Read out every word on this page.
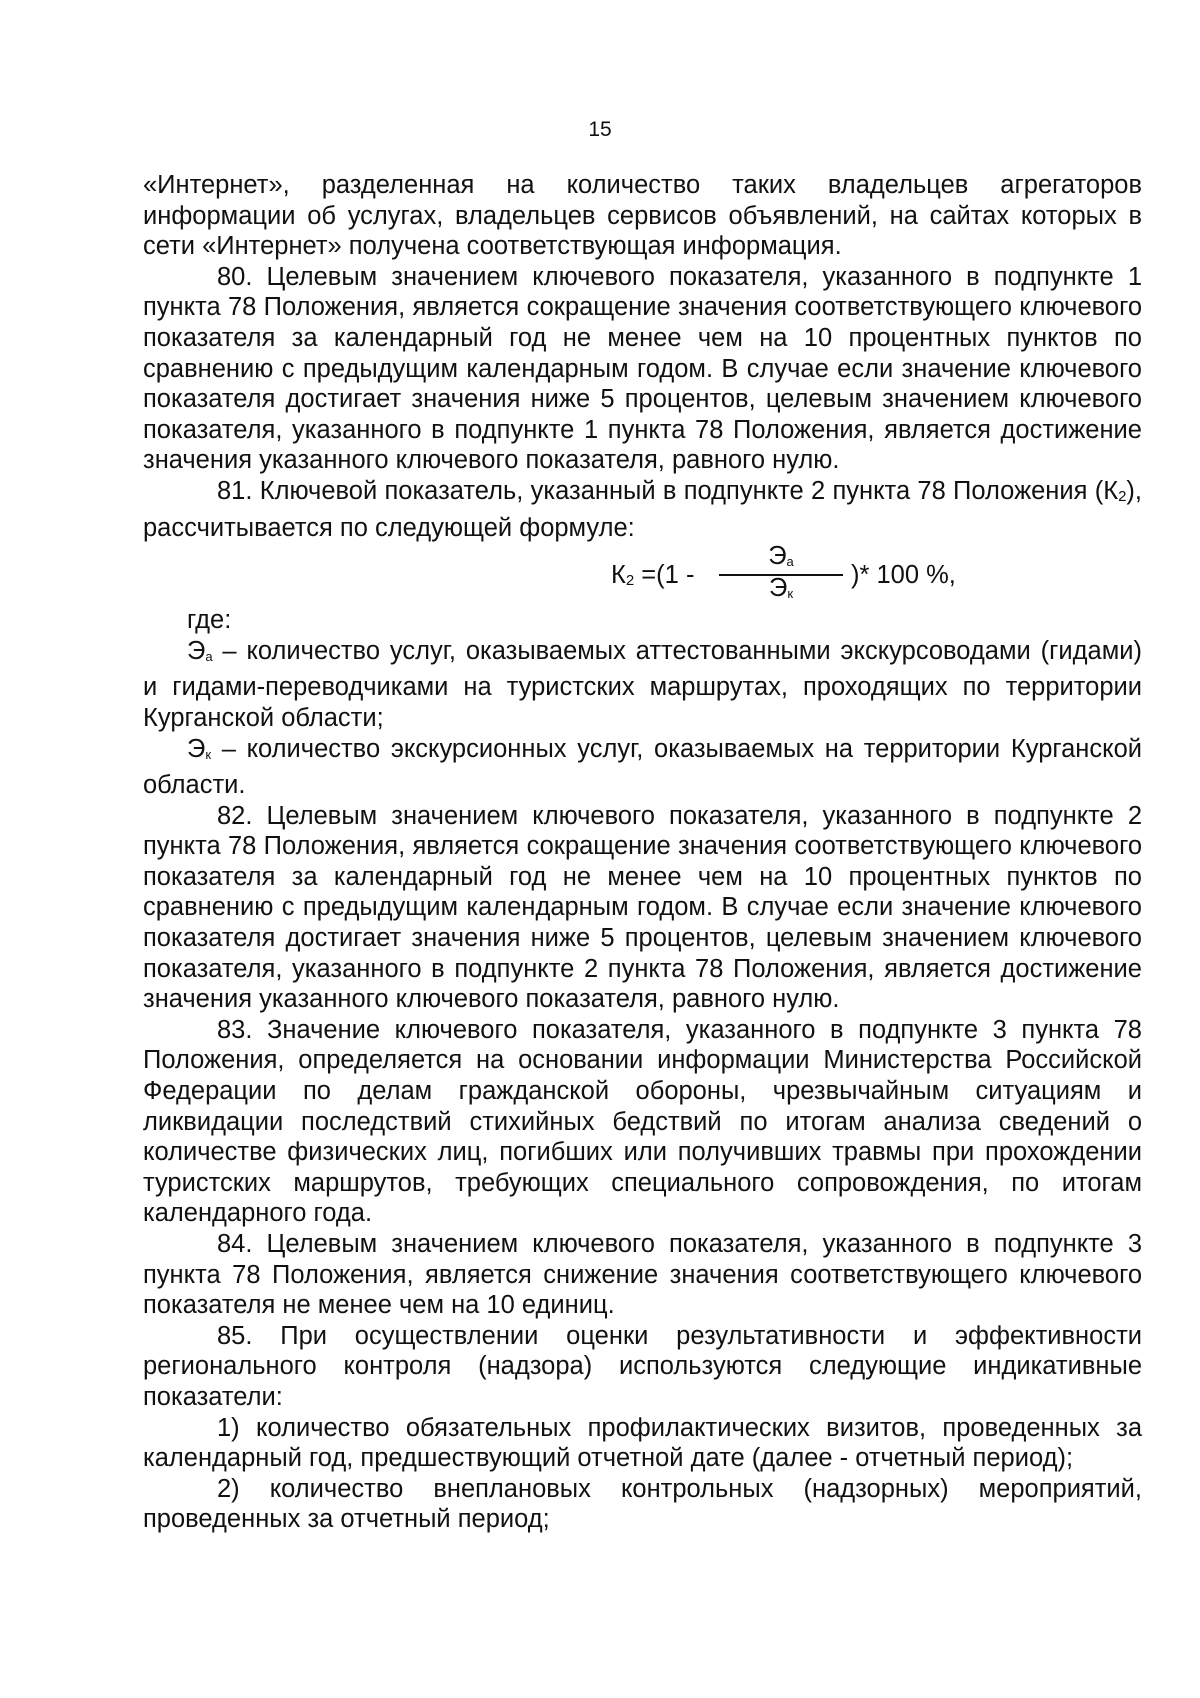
15

«Интернет», разделенная на количество таких владельцев агрегаторов информации об услугах, владельцев сервисов объявлений, на сайтах которых в сети «Интернет» получена соответствующая информация.

80. Целевым значением ключевого показателя, указанного в подпункте 1 пункта 78 Положения, является сокращение значения соответствующего ключевого показателя за календарный год не менее чем на 10 процентных пунктов по сравнению с предыдущим календарным годом. В случае если значение ключевого показателя достигает значения ниже 5 процентов, целевым значением ключевого показателя, указанного в подпункте 1 пункта 78 Положения, является достижение значения указанного ключевого показателя, равного нулю.

81. Ключевой показатель, указанный в подпункте 2 пункта 78 Положения $(К_2)$, рассчитывается по следующей формуле:

$К_2 =(1$ -
$Э_а$
$Э_к$
)* 100 %,

где:

$Э_а$ – количество услуг, оказываемых аттестованными экскурсоводами (гидами) и гидами-переводчиками на туристских маршрутах, проходящих по территории Курганской области;

$Э_к$ – количество экскурсионных услуг, оказываемых на территории Курганской области.

82. Целевым значением ключевого показателя, указанного в подпункте 2 пункта 78 Положения, является сокращение значения соответствующего ключевого показателя за календарный год не менее чем на 10 процентных пунктов по сравнению с предыдущим календарным годом. В случае если значение ключевого показателя достигает значения ниже 5 процентов, целевым значением ключевого показателя, указанного в подпункте 2 пункта 78 Положения, является достижение значения указанного ключевого показателя, равного нулю.

83. Значение ключевого показателя, указанного в подпункте 3 пункта 78 Положения, определяется на основании информации Министерства Российской Федерации по делам гражданской обороны, чрезвычайным ситуациям и ликвидации последствий стихийных бедствий по итогам анализа сведений о количестве физических лиц, погибших или получивших травмы при прохождении туристских маршрутов, требующих специального сопровождения, по итогам календарного года.

84. Целевым значением ключевого показателя, указанного в подпункте 3 пункта 78 Положения, является снижение значения соответствующего ключевого показателя не менее чем на 10 единиц.

85. При осуществлении оценки результативности и эффективности регионального контроля (надзора) используются следующие индикативные показатели:

1) количество обязательных профилактических визитов, проведенных за календарный год, предшествующий отчетной дате (далее - отчетный период);

2) количество внеплановых контрольных (надзорных) мероприятий, проведенных за отчетный период;
